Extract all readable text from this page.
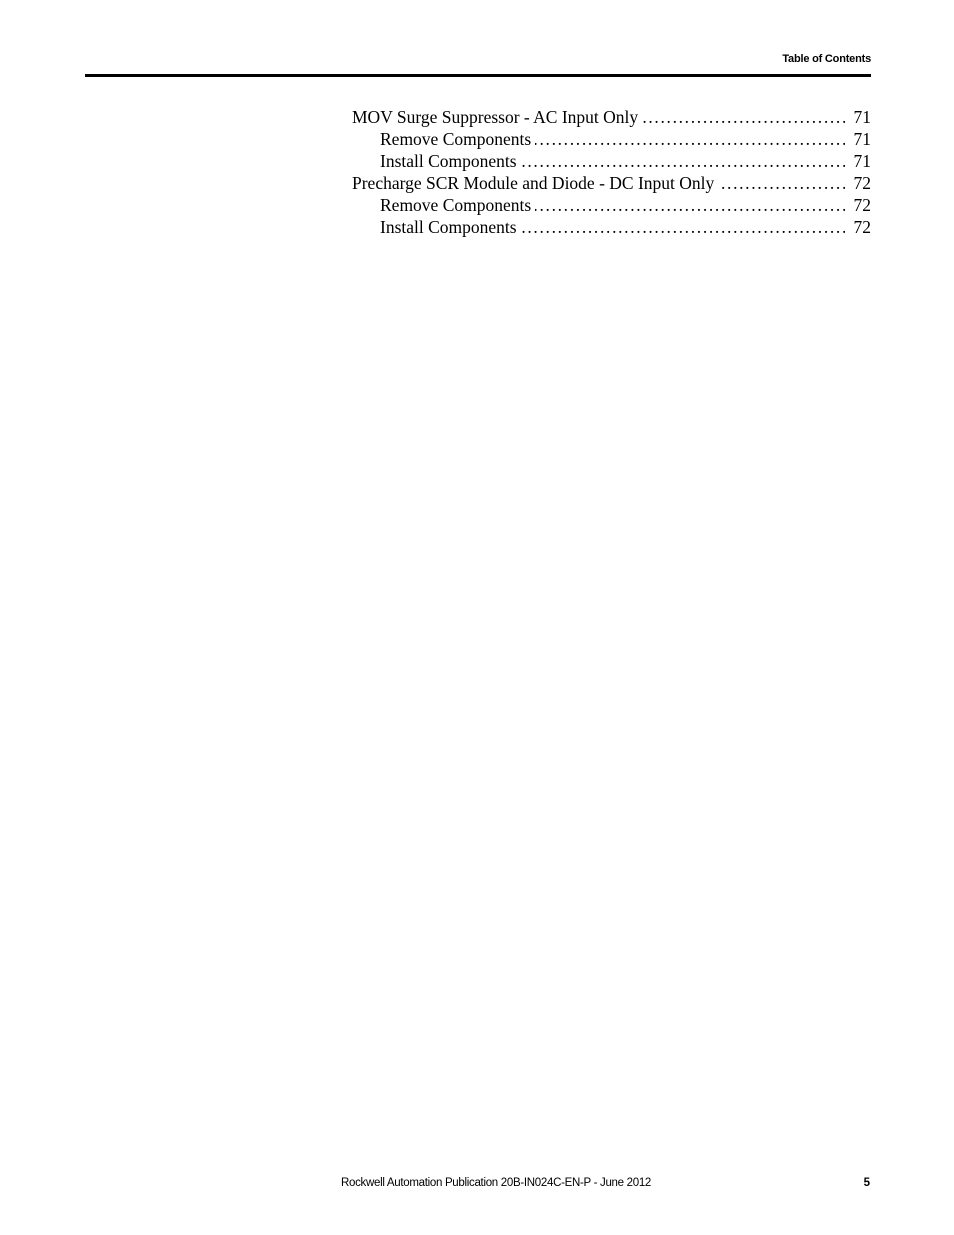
Table of Contents
MOV Surge Suppressor - AC Input Only . . .	71
Remove Components . . .	71
Install Components . . .	71
Precharge SCR Module and Diode - DC Input Only . . .	72
Remove Components . . .	72
Install Components . . .	72
Rockwell Automation Publication 20B-IN024C-EN-P - June 2012	5
